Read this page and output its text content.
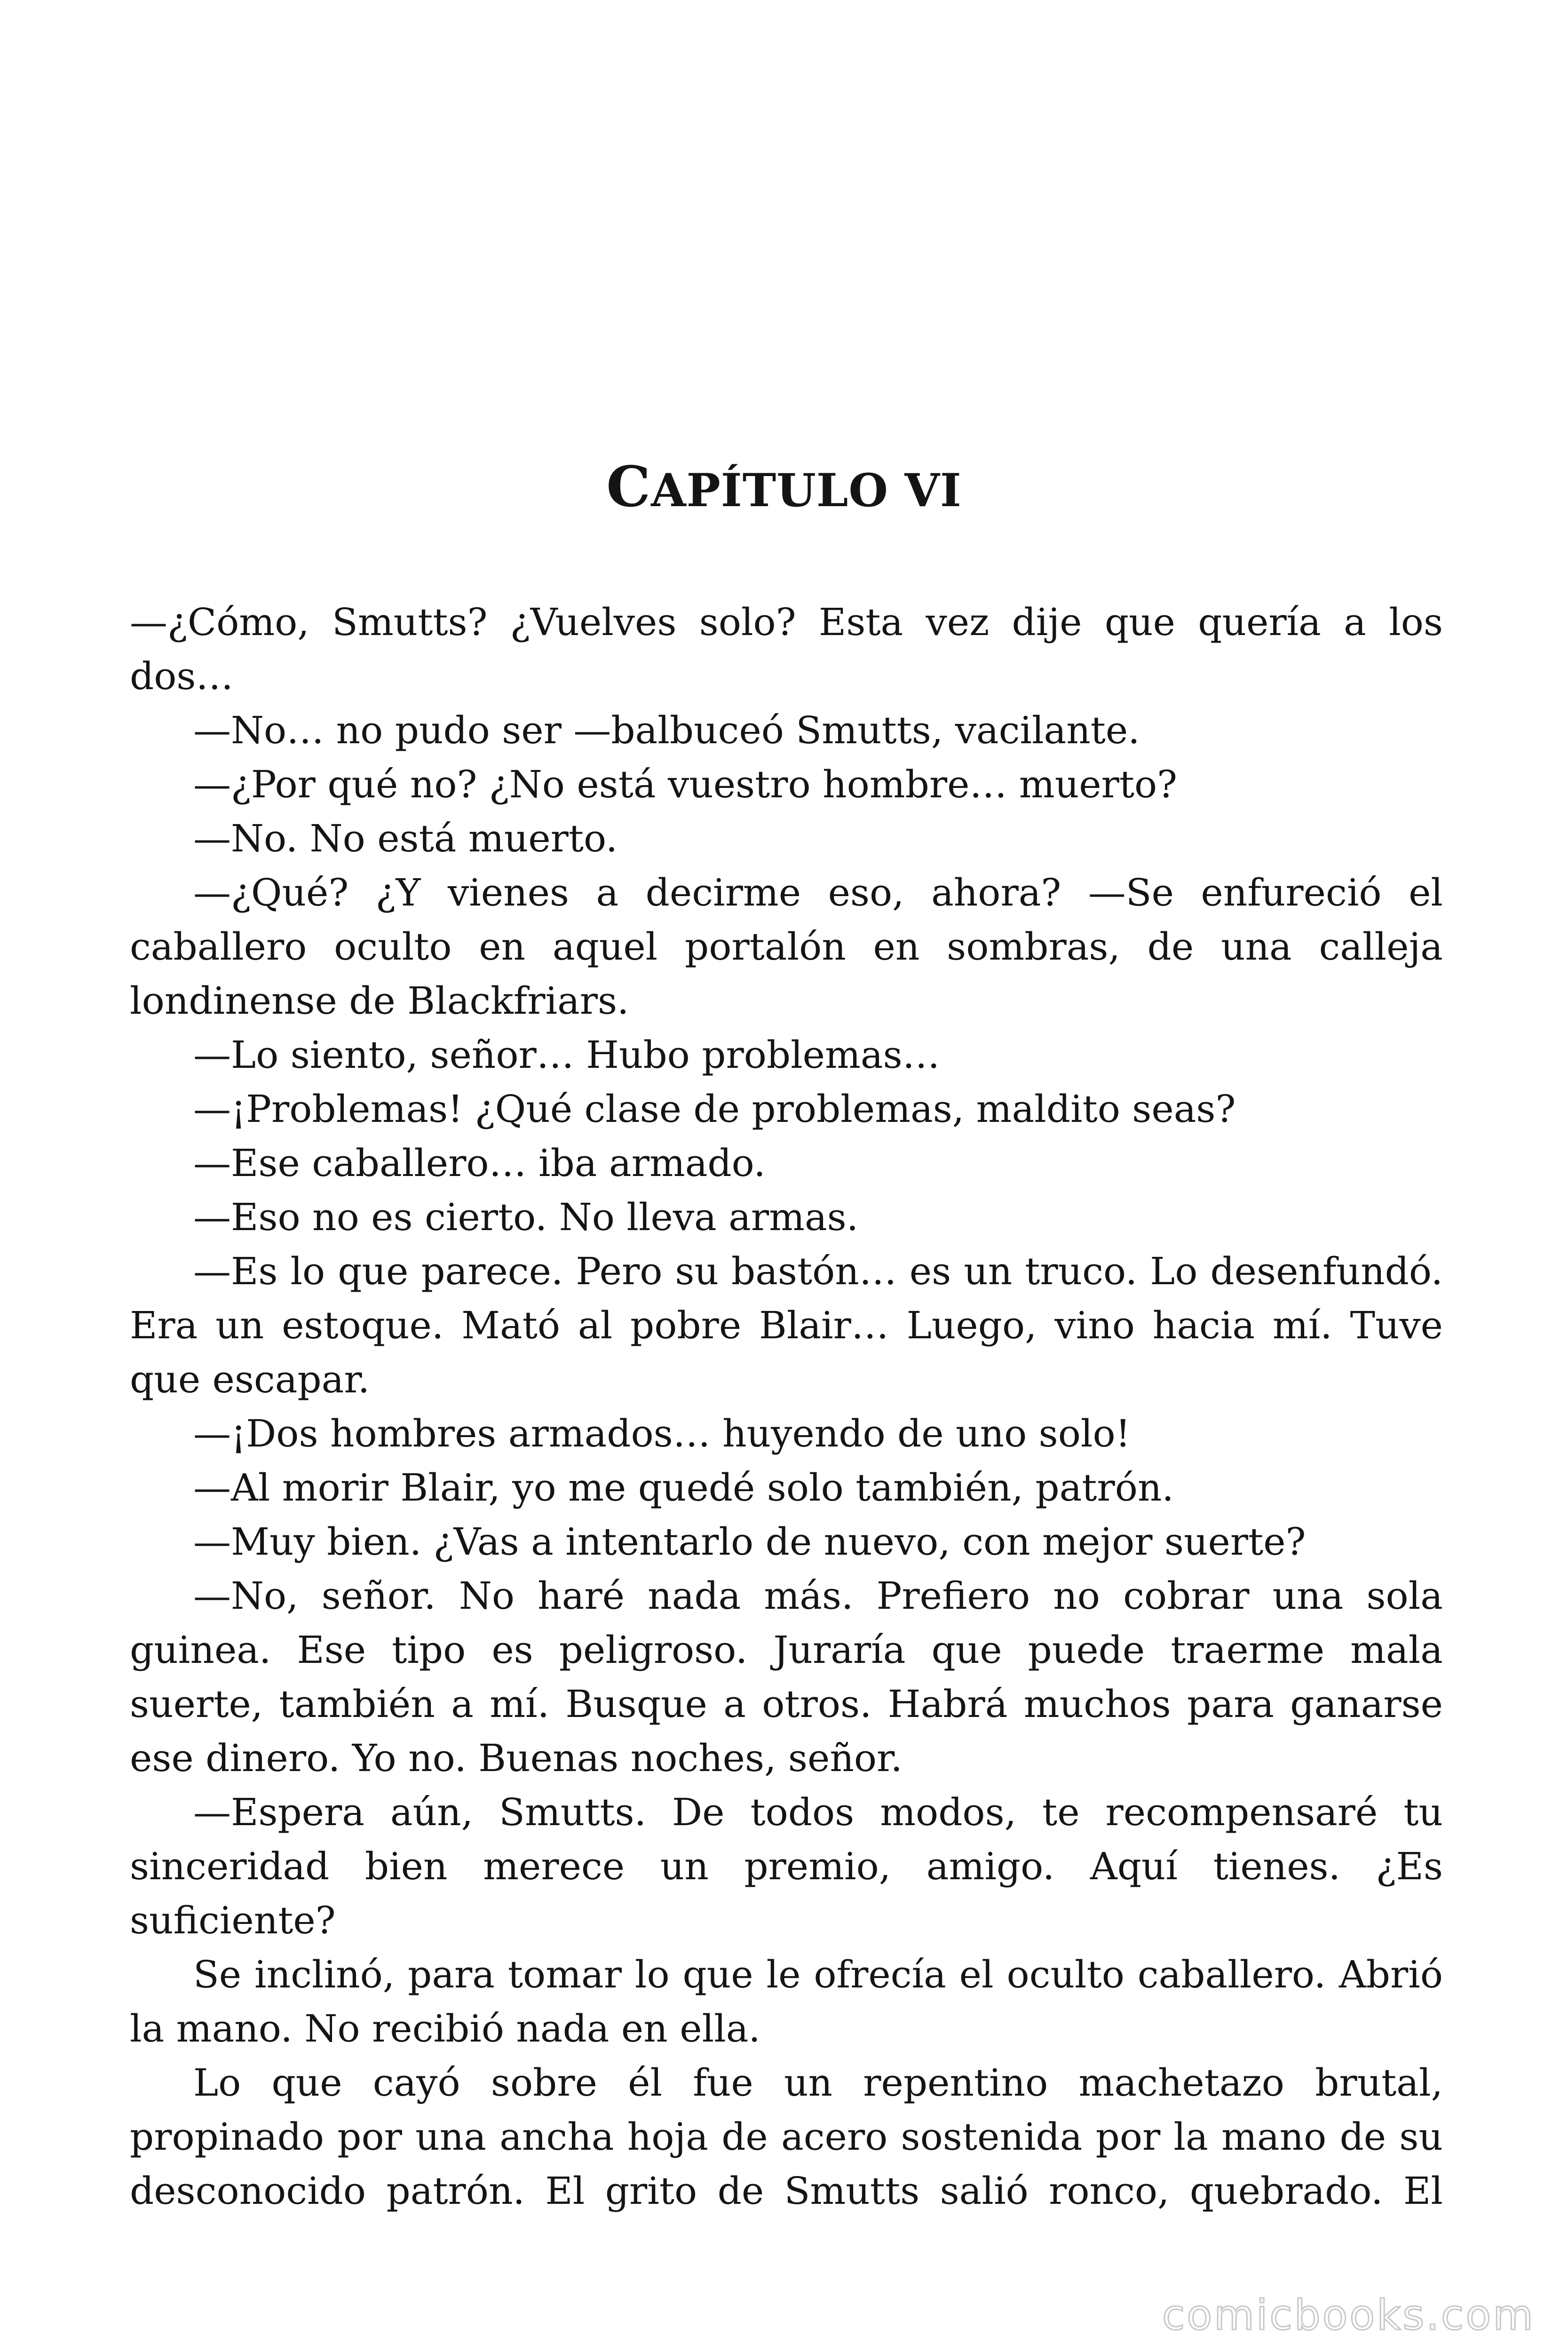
CAPÍTULO VI

—¿Cómo, Smutts? ¿Vuelves solo? Esta vez dije que quería a los dos…

—No… no pudo ser —balbuceó Smutts, vacilante.

—¿Por qué no? ¿No está vuestro hombre… muerto?

—No. No está muerto.

—¿Qué? ¿Y vienes a decirme eso, ahora? —Se enfureció el caballero oculto en aquel portalón en sombras, de una calleja londinense de Blackfriars.

—Lo siento, señor… Hubo problemas…

—¡Problemas! ¿Qué clase de problemas, maldito seas?

—Ese caballero… iba armado.

—Eso no es cierto. No lleva armas.

—Es lo que parece. Pero su bastón… es un truco. Lo desenfundó. Era un estoque. Mató al pobre Blair… Luego, vino hacia mí. Tuve que escapar.

—¡Dos hombres armados… huyendo de uno solo!

—Al morir Blair, yo me quedé solo también, patrón.

—Muy bien. ¿Vas a intentarlo de nuevo, con mejor suerte?

—No, señor. No haré nada más. Prefiero no cobrar una sola guinea. Ese tipo es peligroso. Juraría que puede traerme mala suerte, también a mí. Busque a otros. Habrá muchos para ganarse ese dinero. Yo no. Buenas noches, señor.

—Espera aún, Smutts. De todos modos, te recompensaré tu sinceridad bien merece un premio, amigo. Aquí tienes. ¿Es suficiente?

Se inclinó, para tomar lo que le ofrecía el oculto caballero. Abrió la mano. No recibió nada en ella.

Lo que cayó sobre él fue un repentino machetazo brutal, propinado por una ancha hoja de acero sostenida por la mano de su desconocido patrón. El grito de Smutts salió ronco, quebrado. El

comicbooks.com
